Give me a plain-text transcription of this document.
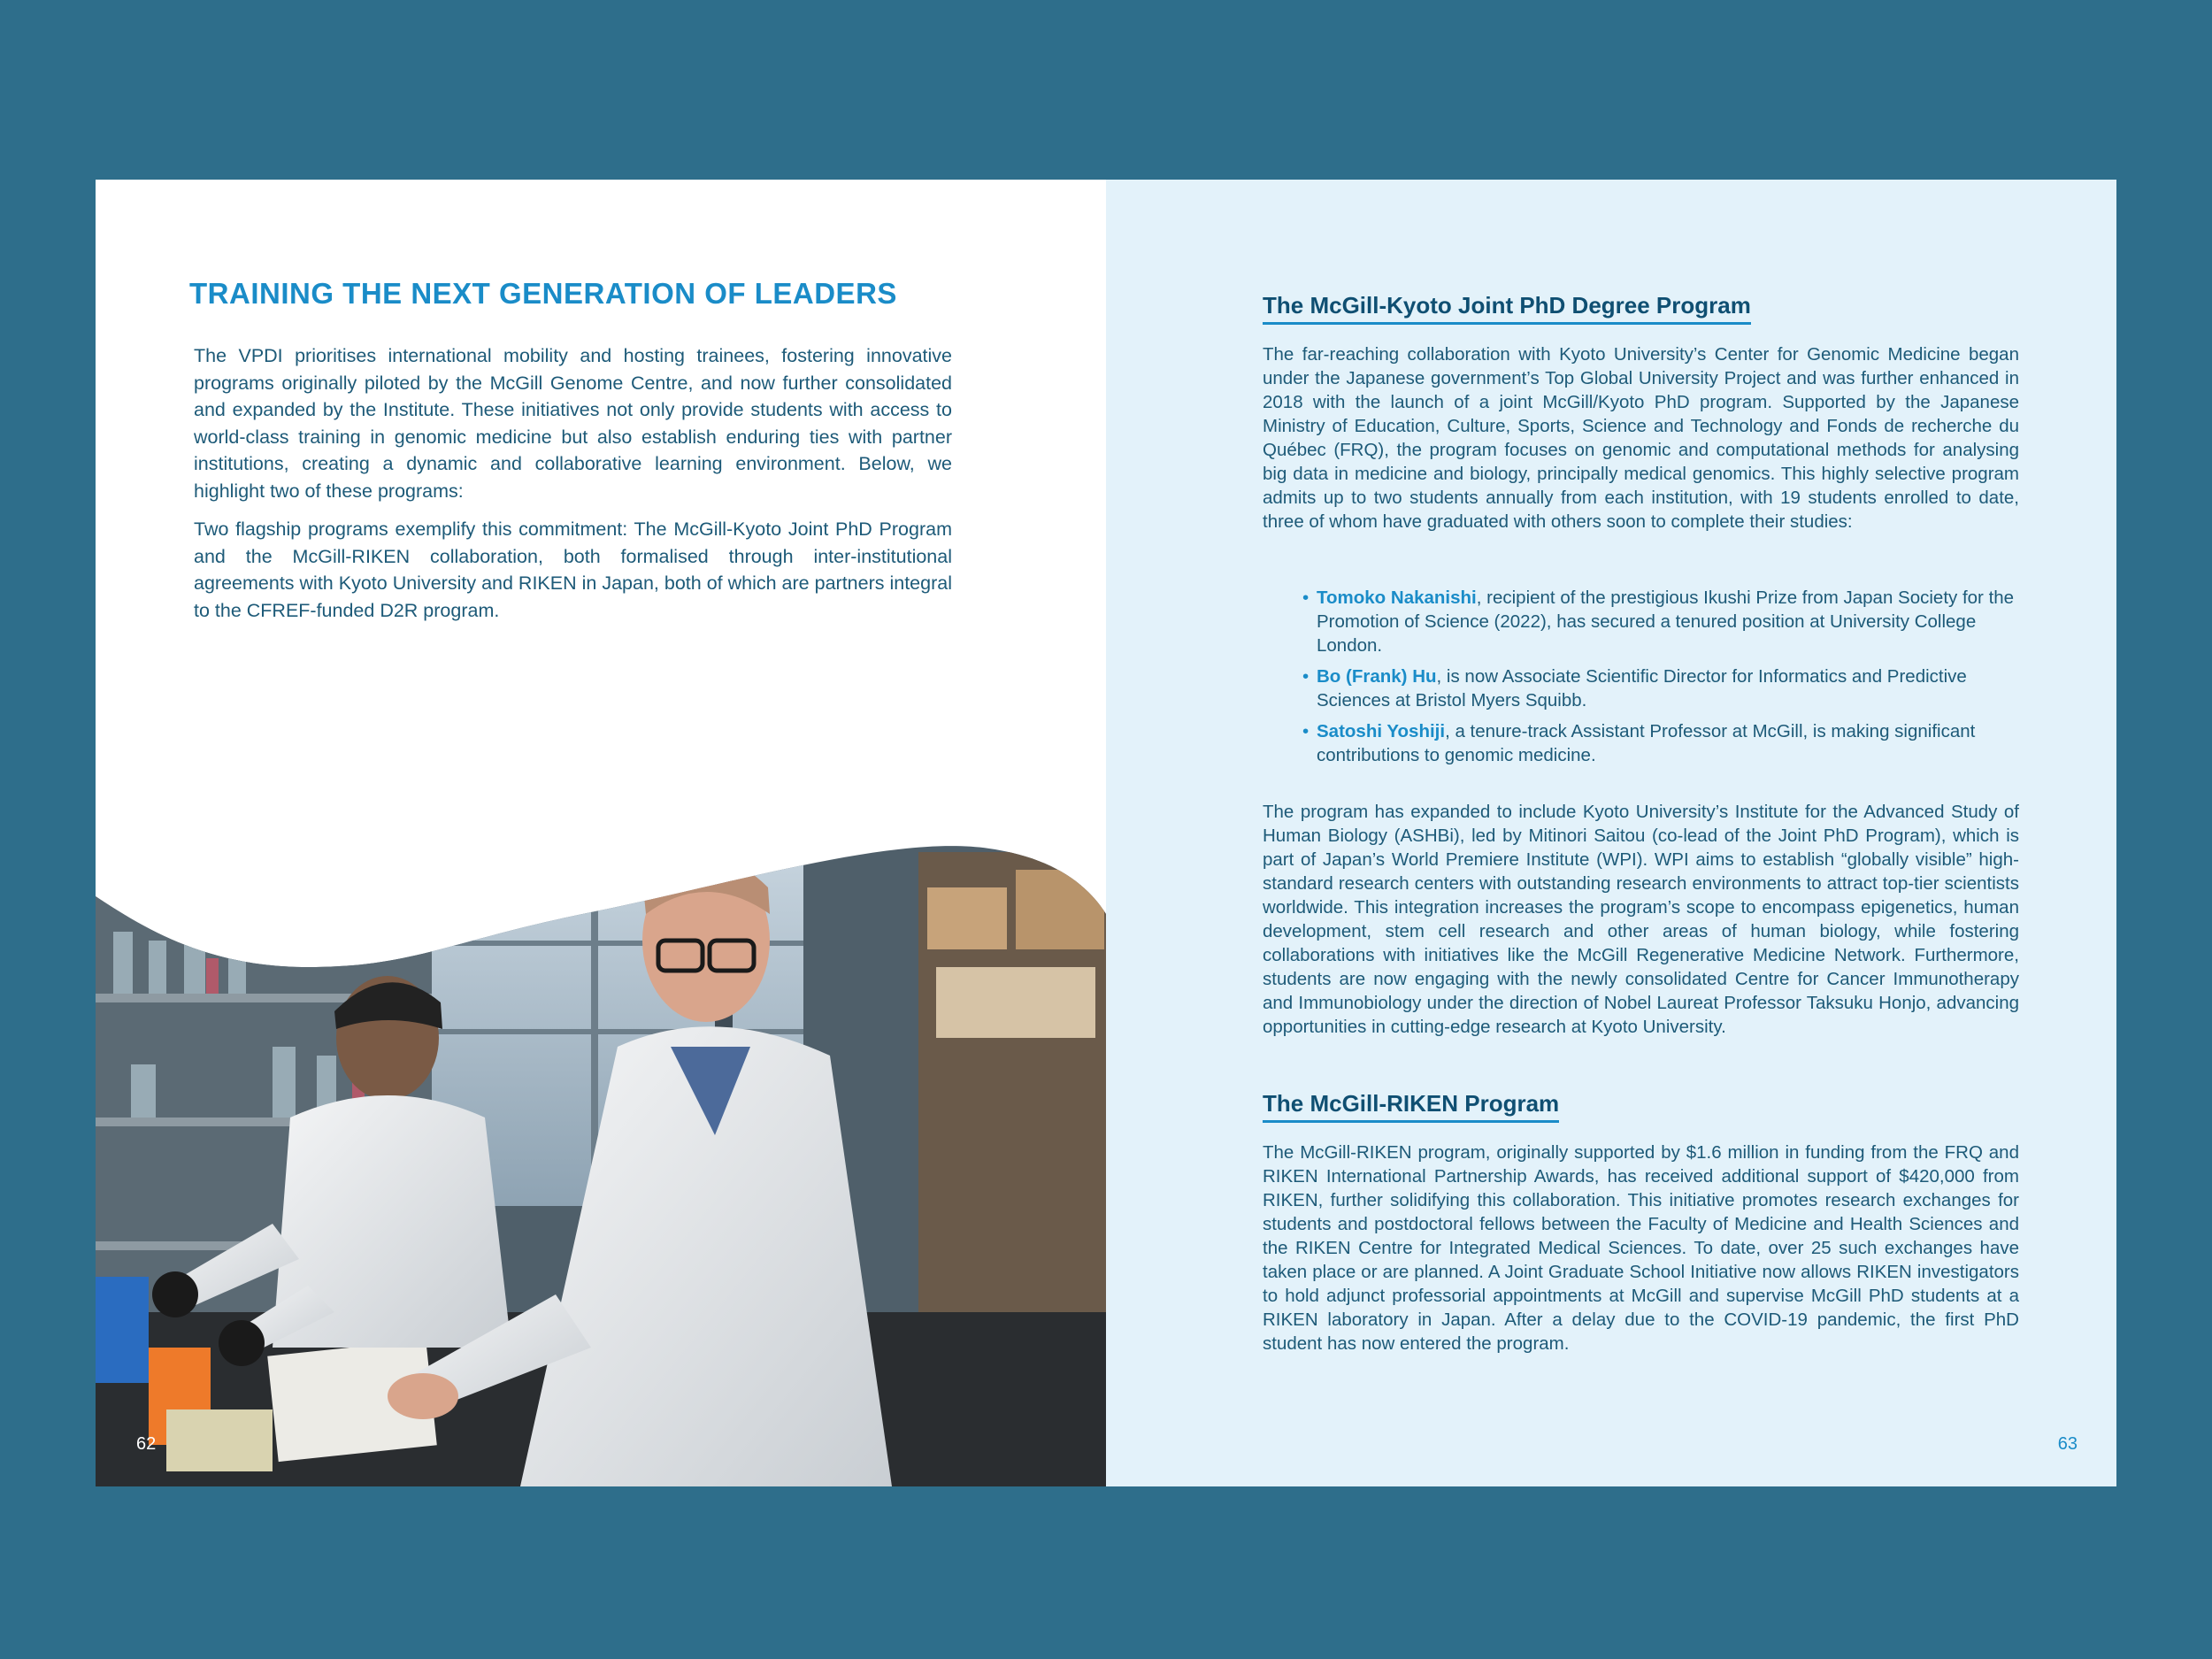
TRAINING THE NEXT GENERATION OF LEADERS

The VPDI prioritises international mobility and hosting trainees, fostering innovative programs originally piloted by the McGill Genome Centre, and now further consolidated and expanded by the Institute. These initiatives not only provide students with access to world-class training in genomic medicine but also establish enduring ties with partner institutions, creating a dynamic and collaborative learning environment. Below, we highlight two of these programs:

Two flagship programs exemplify this commitment: The McGill-Kyoto Joint PhD Program and the McGill-RIKEN collaboration, both formalised through inter-institutional agreements with Kyoto University and RIKEN in Japan, both of which are partners integral to the CFREF-funded D2R program.

62	63
The McGill-Kyoto Joint PhD Degree Program

The far-reaching collaboration with Kyoto University’s Center for Genomic Medicine began under the Japanese government’s Top Global University Project and was further enhanced in 2018 with the launch of a joint McGill/Kyoto PhD program. Supported by the Japanese Ministry of Education, Culture, Sports, Science and Technology and Fonds de recherche du Québec (FRQ), the program focuses on genomic and computational methods for analysing big data in medicine and biology, principally medical genomics. This highly selective program admits up to two students annually from each institution, with 19 students enrolled to date, three of whom have graduated with others soon to complete their studies:

• Tomoko Nakanishi, recipient of the prestigious Ikushi Prize from Japan Society for the Promotion of Science (2022), has secured a tenured position at University College London.
• Bo (Frank) Hu, is now Associate Scientific Director for Informatics and Predictive Sciences at Bristol Myers Squibb.
• Satoshi Yoshiji, a tenure-track Assistant Professor at McGill, is making significant contributions to genomic medicine.

The program has expanded to include Kyoto University’s Institute for the Advanced Study of Human Biology (ASHBi), led by Mitinori Saitou (co-lead of the Joint PhD Program), which is part of Japan’s World Premiere Institute (WPI). WPI aims to establish “globally visible” high-standard research centers with outstanding research environments to attract top-tier scientists worldwide. This integration increases the program’s scope to encompass epigenetics, human development, stem cell research and other areas of human biology, while fostering collaborations with initiatives like the McGill Regenerative Medicine Network. Furthermore, students are now engaging with the newly consolidated Centre for Cancer Immunotherapy and Immunobiology under the direction of Nobel Laureat Professor Taksuku Honjo, advancing opportunities in cutting-edge research at Kyoto University.

The McGill-RIKEN Program

The McGill-RIKEN program, originally supported by $1.6 million in funding from the FRQ and RIKEN International Partnership Awards, has received additional support of $420,000 from RIKEN, further solidifying this collaboration. This initiative promotes research exchanges for students and postdoctoral fellows between the Faculty of Medicine and Health Sciences and the RIKEN Centre for Integrated Medical Sciences. To date, over 25 such exchanges have taken place or are planned. A Joint Graduate School Initiative now allows RIKEN investigators to hold adjunct professorial appointments at McGill and supervise McGill PhD students at a RIKEN laboratory in Japan. After a delay due to the COVID-19 pandemic, the first PhD student has now entered the program.
